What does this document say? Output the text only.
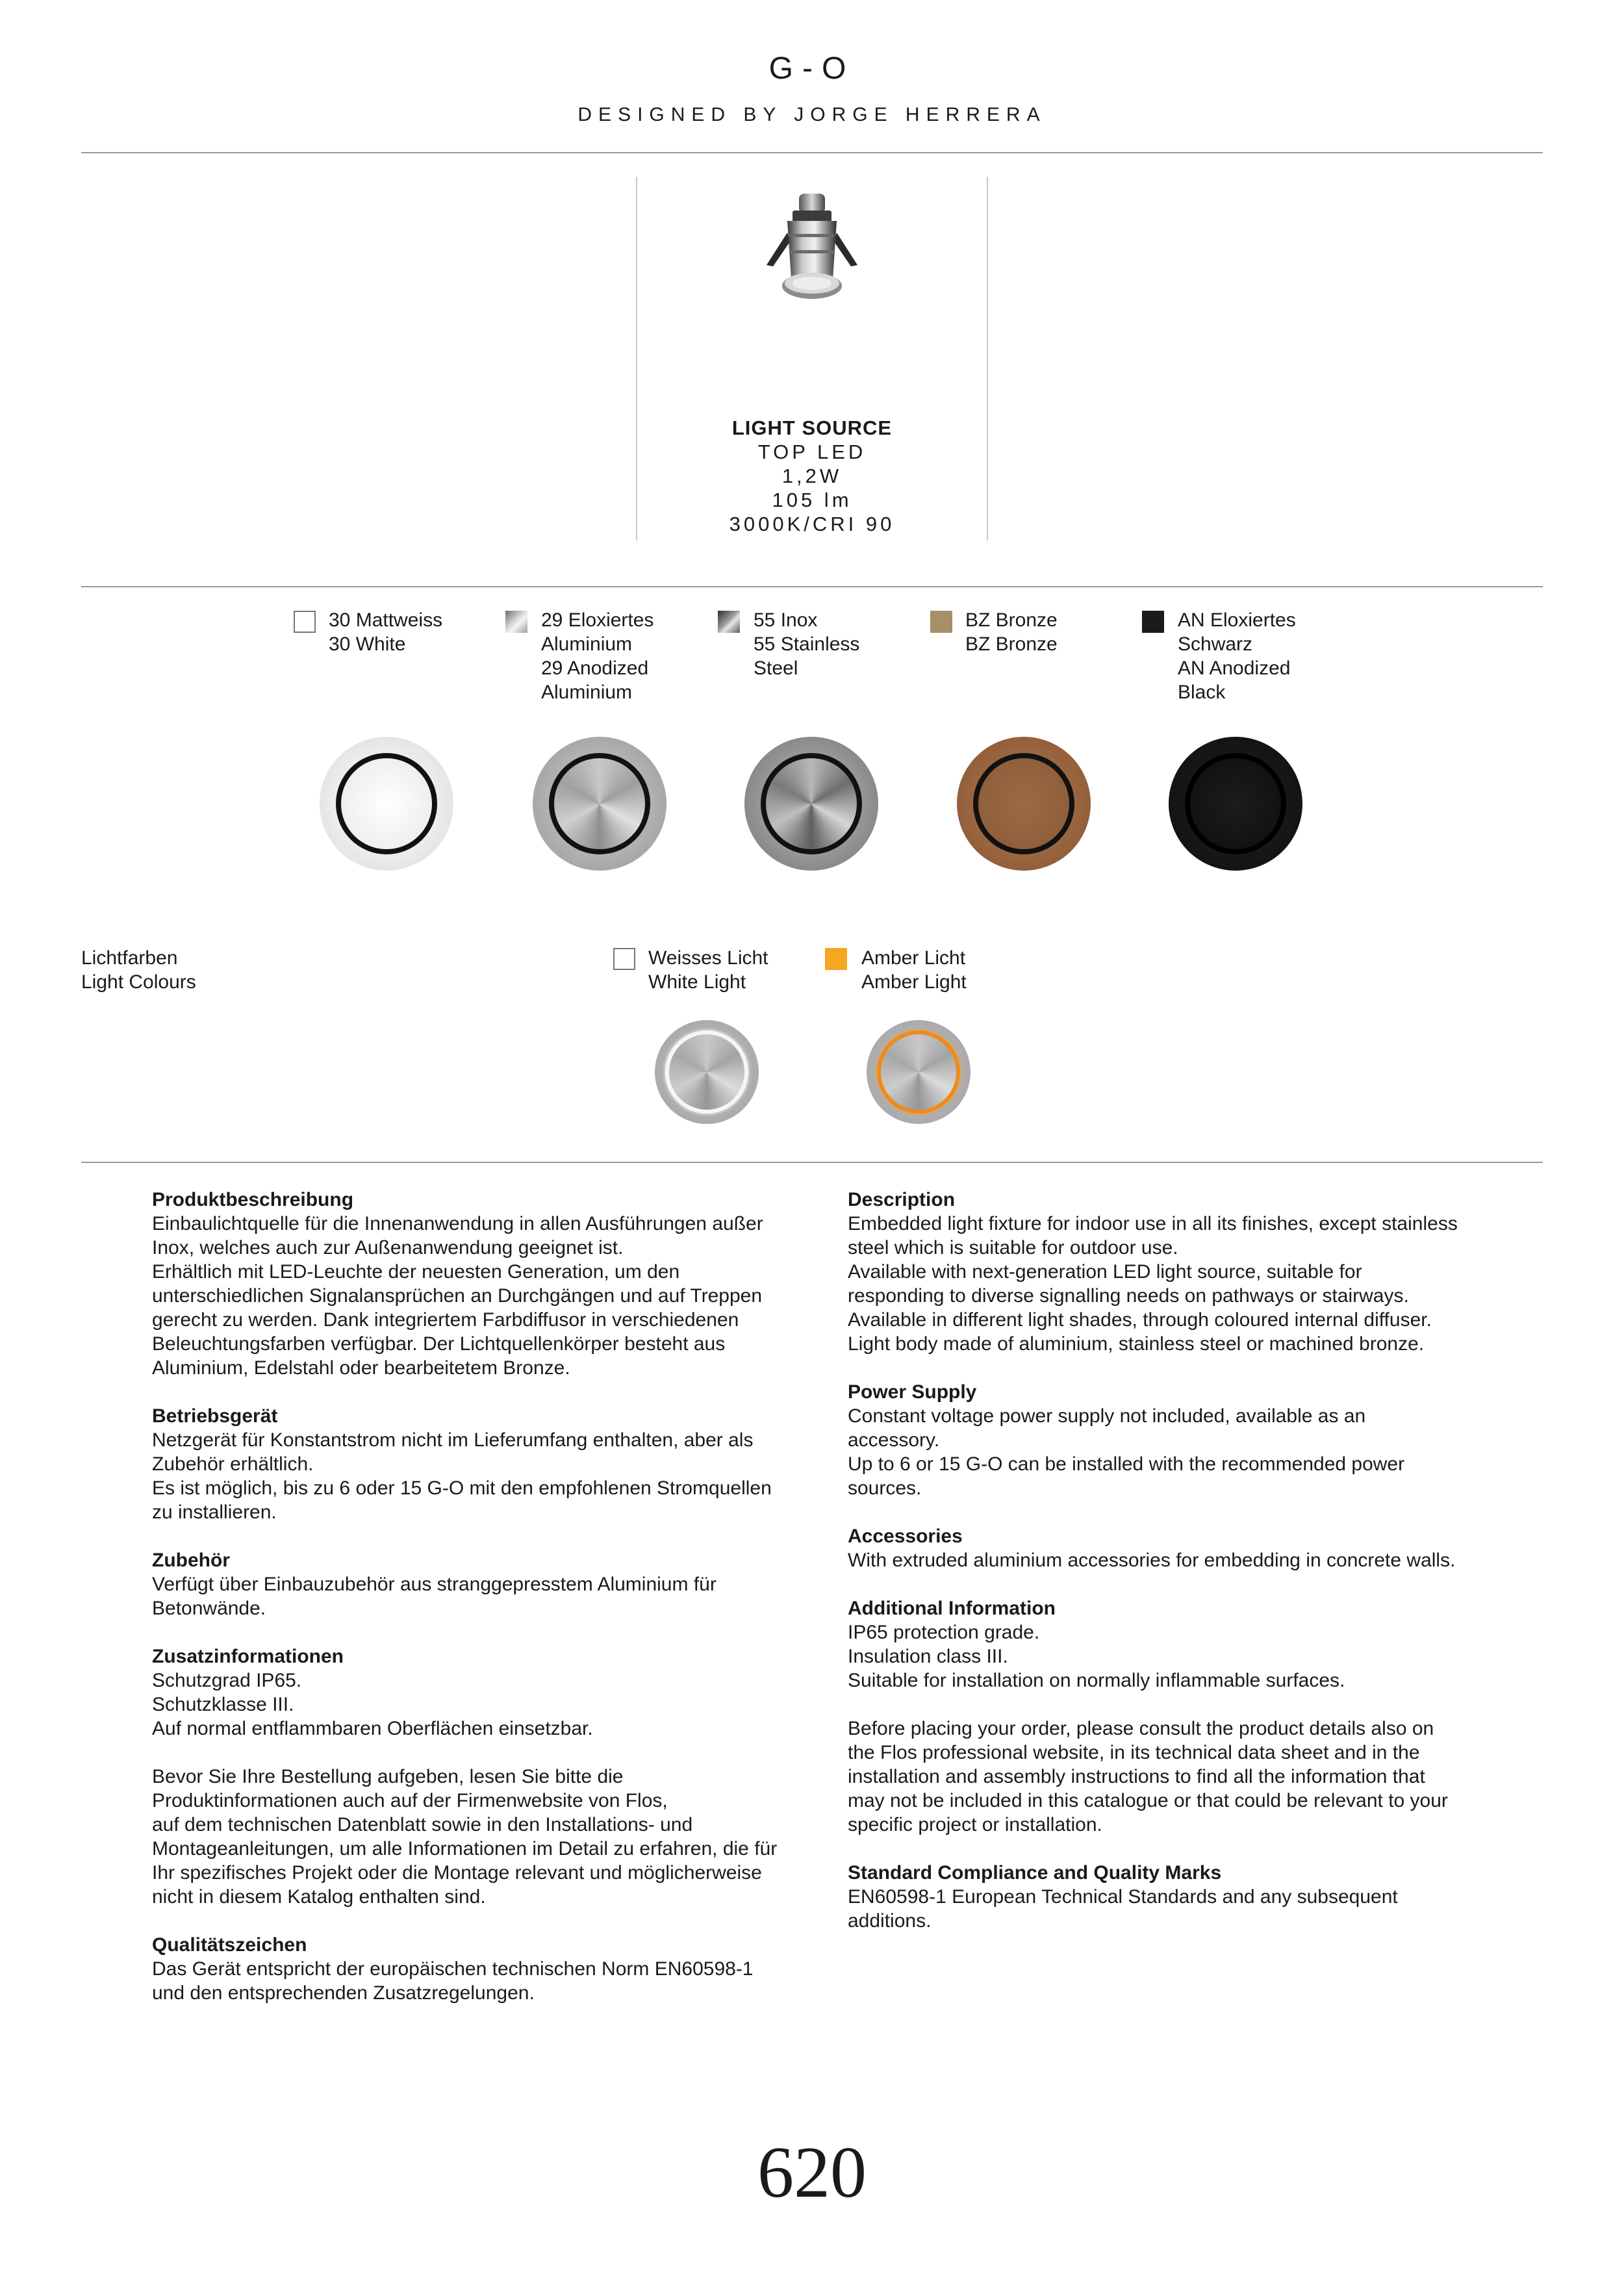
G-O
DESIGNED BY JORGE HERRERA
LIGHT SOURCE
TOP LED
1,2W
105 lm
3000K/CRI 90
30 Mattweiss
30 White
29 Eloxiertes
Aluminium
29 Anodized
Aluminium
55 Inox
55 Stainless
Steel
BZ Bronze
BZ Bronze
AN Eloxiertes
Schwarz
AN Anodized
Black
Lichtfarben
Light Colours
Weisses Licht
White Light
Amber Licht
Amber Light
Produktbeschreibung

Einbaulichtquelle für die Innenanwendung in allen Ausführungen außer
Inox, welches auch zur Außenanwendung geeignet ist.
Erhältlich mit LED-Leuchte der neuesten Generation, um den
unterschiedlichen Signalansprüchen an Durchgängen und auf Treppen
gerecht zu werden. Dank integriertem Farbdiffusor in verschiedenen
Beleuchtungsfarben verfügbar. Der Lichtquellenkörper besteht aus
Aluminium, Edelstahl oder bearbeitetem Bronze.

Betriebsgerät

Netzgerät für Konstantstrom nicht im Lieferumfang enthalten, aber als
Zubehör erhältlich.
Es ist möglich, bis zu 6 oder 15 G-O mit den empfohlenen Stromquellen
zu installieren.

Zubehör

Verfügt über Einbauzubehör aus stranggepresstem Aluminium für
Betonwände.

Zusatzinformationen

Schutzgrad IP65.
Schutzklasse III.
Auf normal entflammbaren Oberflächen einsetzbar.

Bevor Sie Ihre Bestellung aufgeben, lesen Sie bitte die
Produktinformationen auch auf der Firmenwebsite von Flos,
auf dem technischen Datenblatt sowie in den Installations- und
Montageanleitungen, um alle Informationen im Detail zu erfahren, die für
Ihr spezifisches Projekt oder die Montage relevant und möglicherweise
nicht in diesem Katalog enthalten sind.

Qualitätszeichen

Das Gerät entspricht der europäischen technischen Norm EN60598-1
und den entsprechenden Zusatzregelungen.

Description

Embedded light fixture for indoor use in all its finishes, except stainless
steel which is suitable for outdoor use.
Available with next-generation LED light source, suitable for
responding to diverse signalling needs on pathways or stairways.
Available in different light shades, through coloured internal diffuser.
Light body made of aluminium, stainless steel or machined bronze.

Power Supply

Constant voltage power supply not included, available as an
accessory.
Up to 6 or 15 G-O can be installed with the recommended power
sources.

Accessories

With extruded aluminium accessories for embedding in concrete walls.

Additional Information

IP65 protection grade.
Insulation class III.
Suitable for installation on normally inflammable surfaces.

Before placing your order, please consult the product details also on
the Flos professional website, in its technical data sheet and in the
installation and assembly instructions to find all the information that
may not be included in this catalogue or that could be relevant to your
specific project or installation.

Standard Compliance and Quality Marks

EN60598-1 European Technical Standards and any subsequent
additions.

620
